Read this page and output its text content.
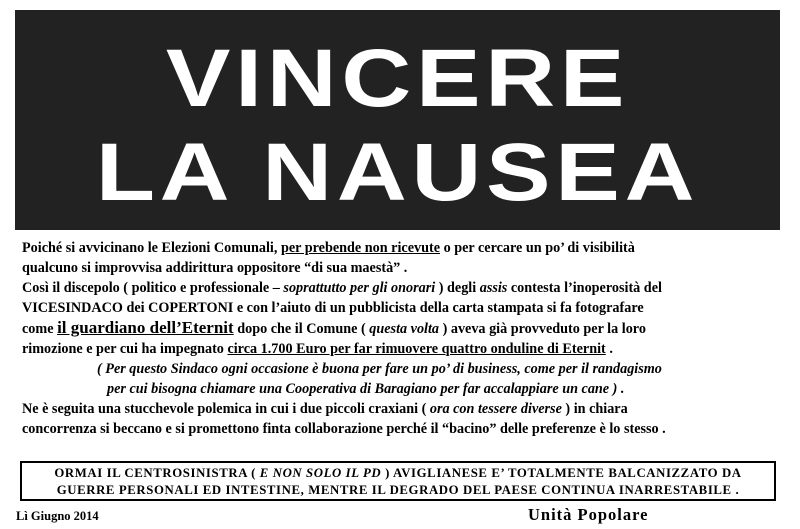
VINCERE
LA NAUSEA
Poiché si avvicinano le Elezioni Comunali, per prebende non ricevute o per cercare un po’ di visibilità
qualcuno si improvvisa addirittura oppositore “di sua maestà” .
Così il discepolo ( politico e professionale – soprattutto per gli onorari ) degli assis contesta l’inoperosità del
VICESINDACO dei COPERTONI e con l’aiuto di un pubblicista della carta stampata si fa fotografare
come il guardiano dell’Eternit dopo che il Comune ( questa volta ) aveva già provveduto per la loro
rimozione e per cui ha impegnato circa 1.700 Euro per far rimuovere quattro onduline di Eternit .
( Per questo Sindaco ogni occasione è buona per fare un po’ di business, come per il randagismo
per cui bisogna chiamare una Cooperativa di Baragiano per far accalappiare un cane ) .
Ne è seguita una stucchevole polemica in cui i due piccoli craxiani ( ora con tessere diverse ) in chiara
concorrenza si beccano e si promettono finta collaborazione perché il “bacino” delle preferenze è lo stesso .
ORMAI IL CENTROSINISTRA ( E NON SOLO IL PD ) AVIGLIANESE E’ TOTALMENTE BALCANIZZATO DA
GUERRE PERSONALI ED INTESTINE, MENTRE IL DEGRADO DEL PAESE CONTINUA INARRESTABILE .
Lì Giugno 2014	Unità Popolare
